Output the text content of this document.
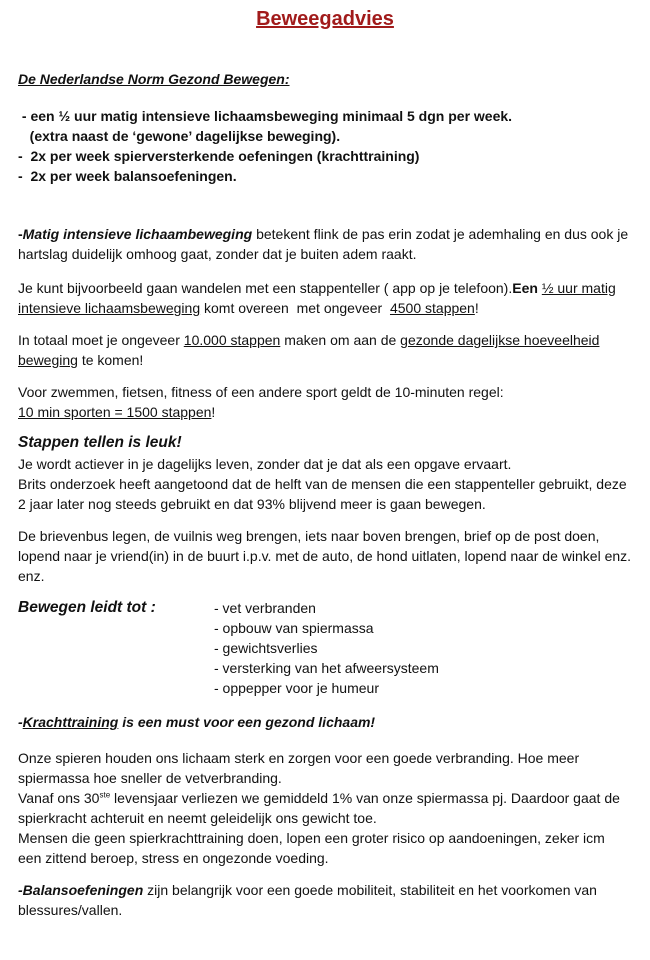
Beweegadvies
De Nederlandse Norm Gezond Bewegen:
- een ½ uur matig intensieve lichaamsbeweging minimaal 5 dgn per week.
(extra naast de ‘gewone’ dagelijkse beweging).
-  2x per week spierversterkende oefeningen (krachttraining)
-  2x per week balansoefeningen.
-Matig intensieve lichaambeweging betekent flink de pas erin zodat je ademhaling en dus ook je hartslag duidelijk omhoog gaat, zonder dat je buiten adem raakt.
Je kunt bijvoorbeeld gaan wandelen met een stappenteller ( app op je telefoon).Een ½ uur matig intensieve lichaamsbeweging komt overeen  met ongeveer  4500 stappen!
In totaal moet je ongeveer 10.000 stappen maken om aan de gezonde dagelijkse hoeveelheid beweging te komen!
Voor zwemmen, fietsen, fitness of een andere sport geldt de 10-minuten regel:
10 min sporten = 1500 stappen!
Stappen tellen is leuk!
Je wordt actiever in je dagelijks leven, zonder dat je dat als een opgave ervaart.
Brits onderzoek heeft aangetoond dat de helft van de mensen die een stappenteller gebruikt, deze 2 jaar later nog steeds gebruikt en dat 93% blijvend meer is gaan bewegen.
De brievenbus legen, de vuilnis weg brengen, iets naar boven brengen, brief op de post doen, lopend naar je vriend(in) in de buurt i.p.v. met de auto, de hond uitlaten, lopend naar de winkel enz. enz.
Bewegen leidt tot :	- vet verbranden
- opbouw van spiermassa
- gewichtsverlies
- versterking van het afweersysteem
- oppepper voor je humeur
-Krachttraining is een must voor een gezond lichaam!
Onze spieren houden ons lichaam sterk en zorgen voor een goede verbranding. Hoe meer spiermassa hoe sneller de vetverbranding.
Vanaf ons 30ste levensjaar verliezen we gemiddeld 1% van onze spiermassa pj. Daardoor gaat de spierkracht achteruit en neemt geleidelijk ons gewicht toe.
Mensen die geen spierkrachttraining doen, lopen een groter risico op aandoeningen, zeker icm een zittend beroep, stress en ongezonde voeding.
-Balansoefeningen zijn belangrijk voor een goede mobiliteit, stabiliteit en het voorkomen van blessures/vallen.
